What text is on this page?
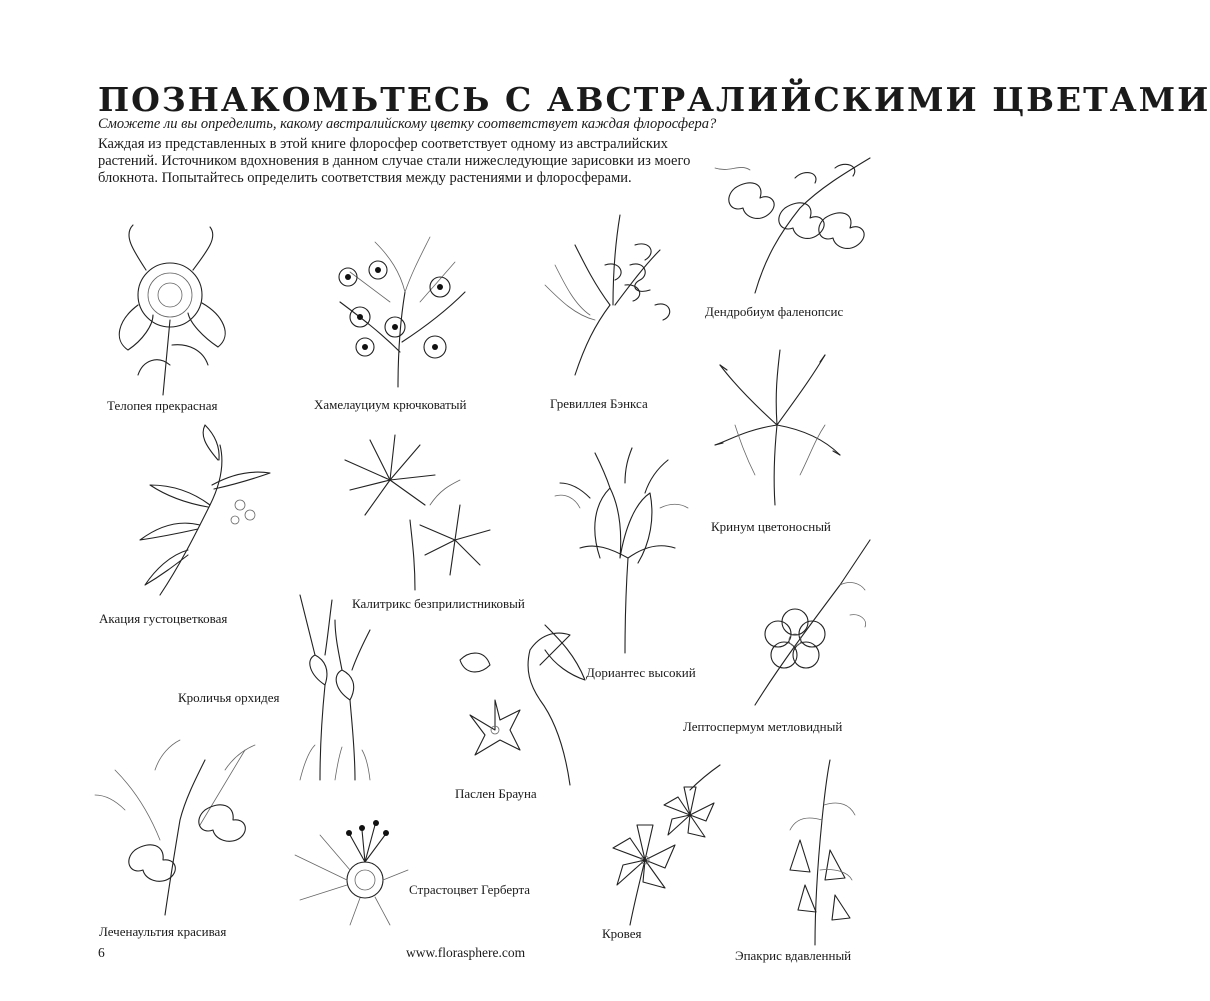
ПОЗНАКОМЬТЕСЬ С АВСТРАЛИЙСКИМИ ЦВЕТАМИ
Сможете ли вы определить, какому австралийскому цветку соответствует каждая флоросфера?

Каждая из представленных в этой книге флоросфер соответствует одному из австралийских растений. Источником вдохновения в данном случае стали нижеследующие зарисовки из моего блокнота. Попытайтесь определить соответствия между растениями и флоросферами.

Телопея прекрасная	Хамелауциум крючковатый	Гревиллея Бэнкса
Дендробиум фаленопсис
Кринум цветоносный
Акация густоцветковая
Калитрикс безприлистниковый
Дориантес высокий
Лептоспермум метловидный
Кроличья орхидея
Паслен Брауна
Леченаультия красивая
Страстоцвет Герберта
Кровея
Эпакрис вдавленный
6	www.florasphere.com
